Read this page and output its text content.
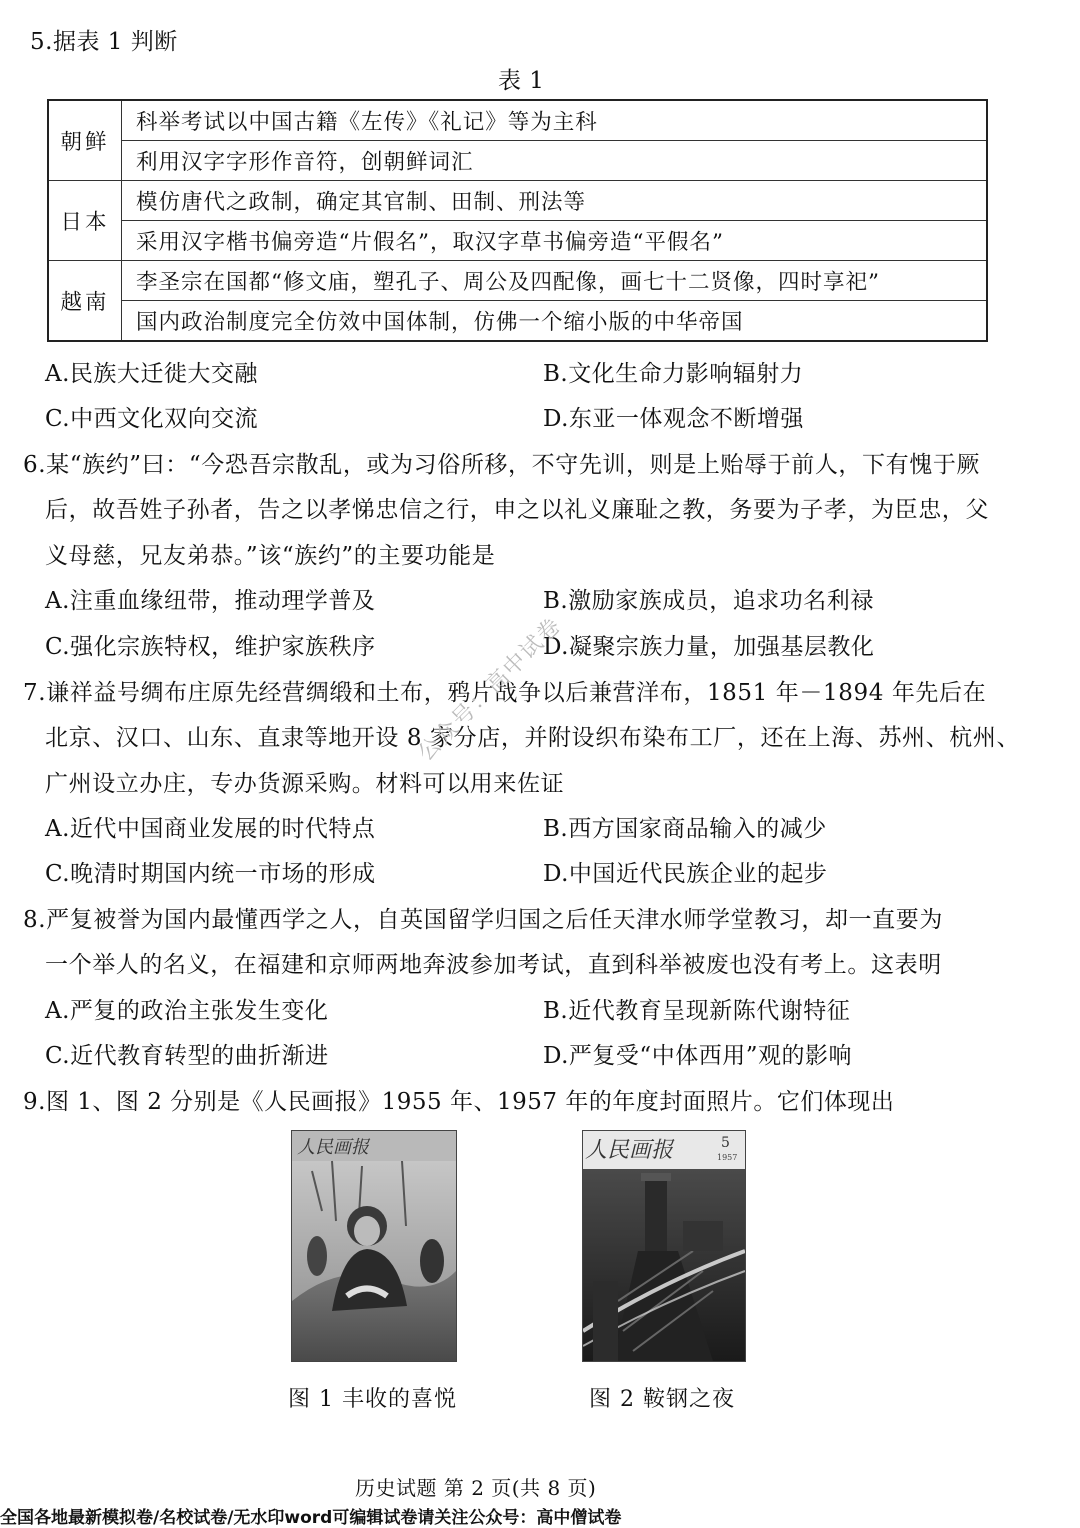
5.据表 1 判断
表 1
朝鲜	科举考试以中国古籍《左传》《礼记》等为主科
	利用汉字字形作音符，创朝鲜词汇
日本	模仿唐代之政制，确定其官制、田制、刑法等
	采用汉字楷书偏旁造“片假名”，取汉字草书偏旁造“平假名”
越南	李圣宗在国都“修文庙，塑孔子、周公及四配像，画七十二贤像，四时享祀”
	国内政治制度完全仿效中国体制，仿佛一个缩小版的中华帝国
A.民族大迁徙大交融	B.文化生命力影响辐射力
C.中西文化双向交流	D.东亚一体观念不断增强
6.某“族约”曰：“今恐吾宗散乱，或为习俗所移，不守先训，则是上贻辱于前人，下有愧于厥
后，故吾姓子孙者，告之以孝悌忠信之行，申之以礼义廉耻之教，务要为子孝，为臣忠，父
义母慈，兄友弟恭。”该“族约”的主要功能是
A.注重血缘纽带，推动理学普及	B.激励家族成员，追求功名利禄
C.强化宗族特权，维护家族秩序	D.凝聚宗族力量，加强基层教化
7.谦祥益号绸布庄原先经营绸缎和土布，鸦片战争以后兼营洋布，1851 年－1894 年先后在
北京、汉口、山东、直隶等地开设 8 家分店，并附设织布染布工厂，还在上海、苏州、杭州、
广州设立办庄，专办货源采购。材料可以用来佐证
A.近代中国商业发展的时代特点	B.西方国家商品输入的减少
C.晚清时期国内统一市场的形成	D.中国近代民族企业的起步
8.严复被誉为国内最懂西学之人，自英国留学归国之后任天津水师学堂教习，却一直要为
一个举人的名义，在福建和京师两地奔波参加考试，直到科举被废也没有考上。这表明
A.严复的政治主张发生变化	B.近代教育呈现新陈代谢特征
C.近代教育转型的曲折渐进	D.严复受“中体西用”观的影响
9.图 1、图 2 分别是《人民画报》1955 年、1957 年的年度封面照片。它们体现出
人民画报
图 1 丰收的喜悦
人民画报	5
1957
图 2 鞍钢之夜
公众号：高中试卷
历史试题 第 2 页(共 8 页)
全国各地最新模拟卷/名校试卷/无水印word可编辑试卷请关注公众号：高中僧试卷
